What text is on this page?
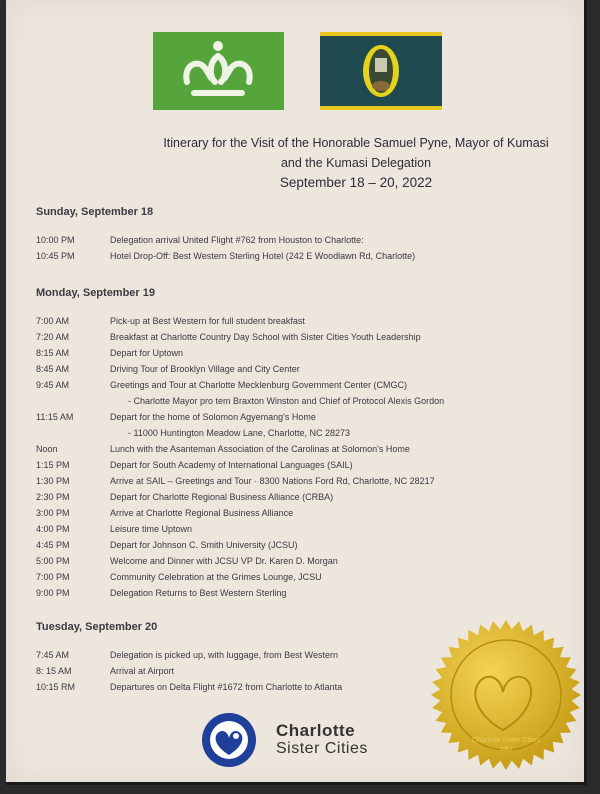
Itinerary for the Visit of the Honorable Samuel Pyne, Mayor of Kumasi
and the Kumasi Delegation
September 18 – 20, 2022
Sunday, September 18
10:00 PM	Delegation arrival United Flight #762 from Houston to Charlotte:
10:45 PM	Hotel Drop-Off: Best Western Sterling Hotel (242 E Woodlawn Rd, Charlotte)
Monday, September 19
7:00 AM	Pick-up at Best Western for full student breakfast
7:20 AM	Breakfast at Charlotte Country Day School with Sister Cities Youth Leadership
8:15 AM	Depart for Uptown
8:45 AM	Driving Tour of Brooklyn Village and City Center
9:45 AM	Greetings and Tour at Charlotte Mecklenburg Government Center (CMGC)
- Charlotte Mayor pro tem Braxton Winston and Chief of Protocol Alexis Gordon
11:15 AM	Depart for the home of Solomon Agyemang's Home
- 11000 Huntington Meadow Lane, Charlotte, NC 28273
Noon	Lunch with the Asanteman Association of the Carolinas at Solomon's Home
1:15 PM	Depart for South Academy of International Languages (SAIL)
1:30 PM	Arrive at SAIL – Greetings and Tour · 8300 Nations Ford Rd, Charlotte, NC 28217
2:30 PM	Depart for Charlotte Regional Business Alliance (CRBA)
3:00 PM	Arrive at Charlotte Regional Business Alliance
4:00 PM	Leisure time Uptown
4:45 PM	Depart for Johnson C. Smith University (JCSU)
5:00 PM	Welcome and Dinner with JCSU VP Dr. Karen D. Morgan
7:00 PM	Community Celebration at the Grimes Lounge, JCSU
9:00 PM	Delegation Returns to Best Western Sterling
Tuesday, September 20
7:45 AM	Delegation is picked up, with luggage, from Best Western
8: 15 AM	Arrival at Airport
10:15 RM	Departures on Delta Flight #1672 from Charlotte to Atlanta
Charlotte
Sister Cities	Charlotte Sister Cities
1962
